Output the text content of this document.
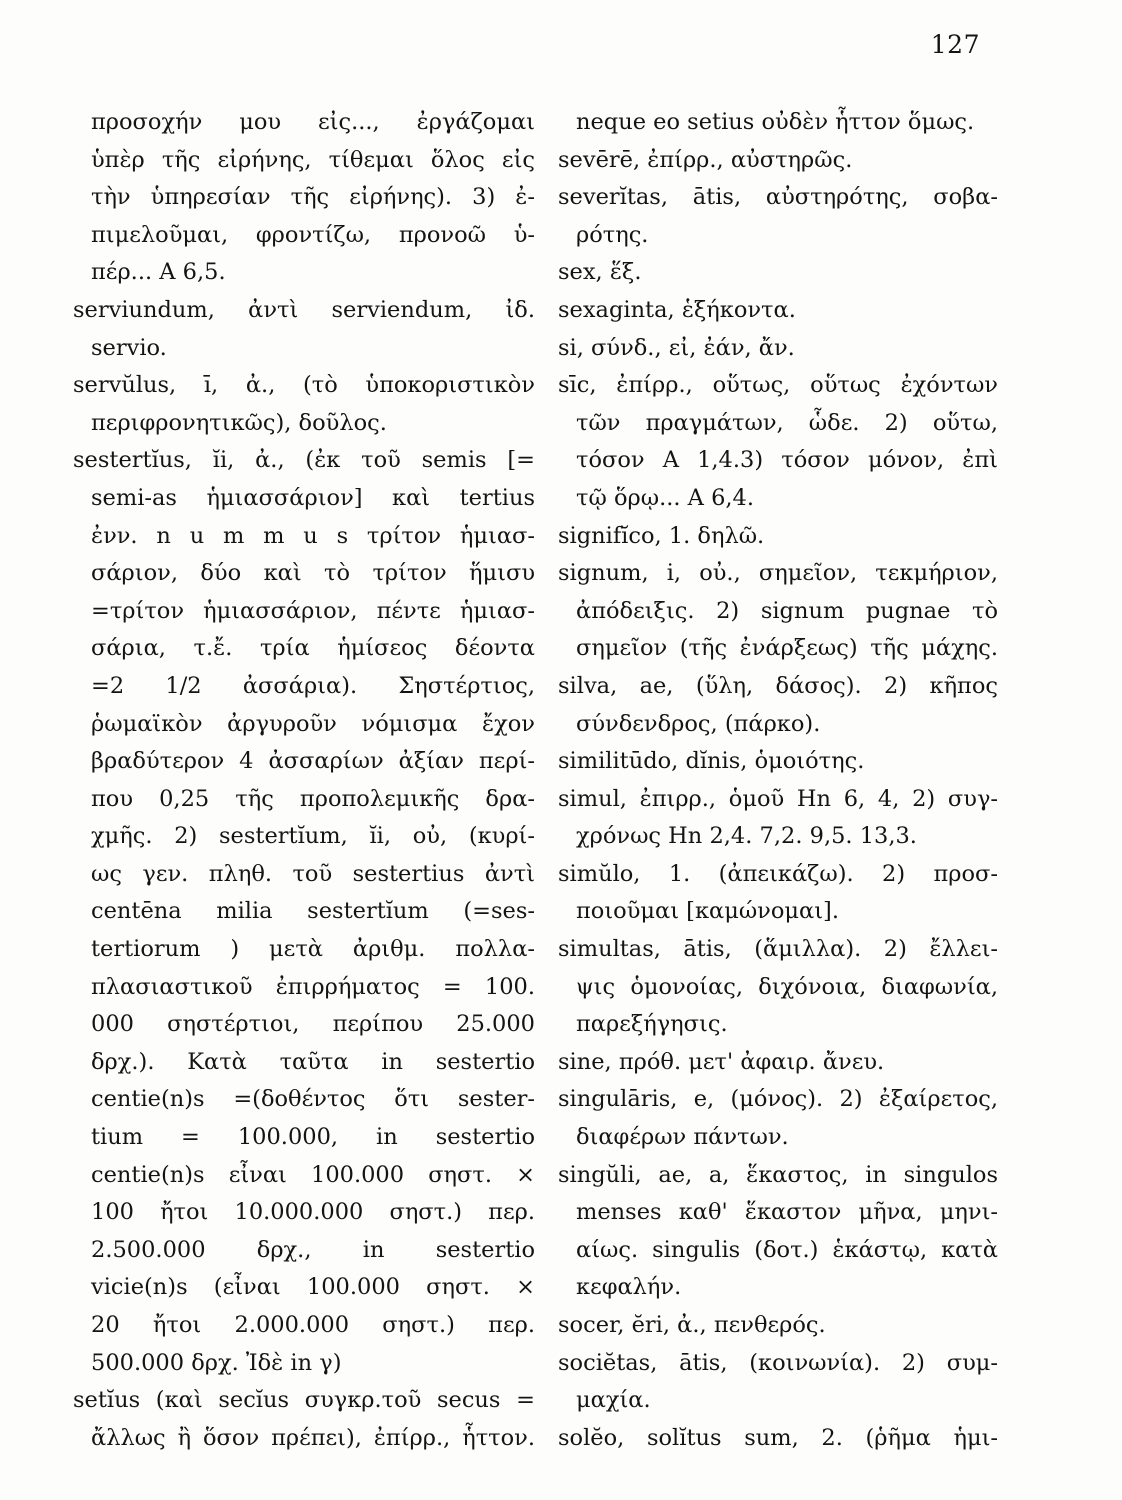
127
προσοχήν μου εἰς..., ἐργάζομαι
ὑπὲρ τῆς εἰρήνης, τίθεμαι ὅλος εἰς
τὴν ὑπηρεσίαν τῆς εἰρήνης). 3) ἐ-
πιμελοῦμαι, φροντίζω, προνοῶ ὑ-
πέρ... Α 6,5.
serviundum, ἀντὶ serviendum, ἰδ.
servio.
servŭlus, ī, ἀ., (τὸ ὑποκοριστικὸν
περιφρονητικῶς), δοῦλος.
sestertĭus, ĭi, ἀ., (ἐκ τοῦ semis [=
semi-as ἡμιασσάριον] καὶ tertius
ἐνν. n u m m u s τρίτον ἡμιασ-
σάριον, δύο καὶ τὸ τρίτον ἥμισυ
=τρίτον ἡμιασσάριον, πέντε ἡμιασ-
σάρια, τ.ἔ. τρία ἡμίσεος δέοντα
=2 1/2 ἀσσάρια). Σηστέρτιος,
ῥωμαϊκὸν ἀργυροῦν νόμισμα ἔχον
βραδύτερον 4 ἀσσαρίων ἀξίαν περί-
που 0,25 τῆς προπολεμικῆς δρα-
χμῆς. 2) sestertĭum, ĭi, οὐ, (κυρί-
ως γεν. πληθ. τοῦ sestertius ἀντὶ
centēna milia sestertĭum (=ses-
tertiorum ) μετὰ ἀριθμ. πολλα-
πλασιαστικοῦ ἐπιρρήματος = 100.
000 σηστέρτιοι, περίπου 25.000
δρχ.). Κατὰ ταῦτα in sestertio
centie(n)s =(δοθέντος ὅτι sester-
tium = 100.000, in sestertio
centie(n)s εἶναι 100.000 σηστ. ×
100 ἤτοι 10.000.000 σηστ.) περ.
2.500.000 δρχ., in sestertio
vicie(n)s (εἶναι 100.000 σηστ. ×
20 ἤτοι 2.000.000 σηστ.) περ.
500.000 δρχ. Ἰδὲ in γ)
setĭus (καὶ secĭus συγκρ.τοῦ secus =
ἄλλως ἢ ὅσον πρέπει), ἐπίρρ., ἧττον.
neque eo setius οὐδὲν ἧττον ὅμως.
sevērē, ἐπίρρ., αὐστηρῶς.
severĭtas, ātis, αὐστηρότης, σοβα-
ρότης.
sex, ἕξ.
sexaginta, ἑξήκοντα.
si, σύνδ., εἰ, ἐάν, ἄν.
sīc, ἐπίρρ., οὕτως, οὕτως ἐχόντων
τῶν πραγμάτων, ὧδε. 2) οὕτω,
τόσον Α 1,4.3) τόσον μόνον, ἐπὶ
τῷ ὅρῳ... Α 6,4.
signifĭco, 1. δηλῶ.
signum, i, οὐ., σημεῖον, τεκμήριον,
ἀπόδειξις. 2) signum pugnae τὸ
σημεῖον (τῆς ἐνάρξεως) τῆς μάχης.
silva, ae, (ὕλη, δάσος). 2) κῆπος
σύνδενδρος, (πάρκο).
similitūdo, dĭnis, ὁμοιότης.
simul, ἐπιρρ., ὁμοῦ Hn 6, 4, 2) συγ-
χρόνως Hn 2,4. 7,2. 9,5. 13,3.
simŭlo, 1. (ἀπεικάζω). 2) προσ-
ποιοῦμαι [καμώνομαι].
simultas, ātis, (ἅμιλλα). 2) ἔλλει-
ψις ὁμονοίας, διχόνοια, διαφωνία,
παρεξήγησις.
sine, πρόθ. μετ' ἀφαιρ. ἄνευ.
singulāris, e, (μόνος). 2) ἐξαίρετος,
διαφέρων πάντων.
singŭli, ae, a, ἕκαστος, in singulos
menses καθ' ἕκαστον μῆνα, μηνι-
αίως. singulis (δοτ.) ἑκάστῳ, κατὰ
κεφαλήν.
socer, ĕri, ἀ., πενθερός.
sociĕtas, ātis, (κοινωνία). 2) συμ-
μαχία.
solĕo, solĭtus sum, 2. (ῥῆμα ἡμι-
